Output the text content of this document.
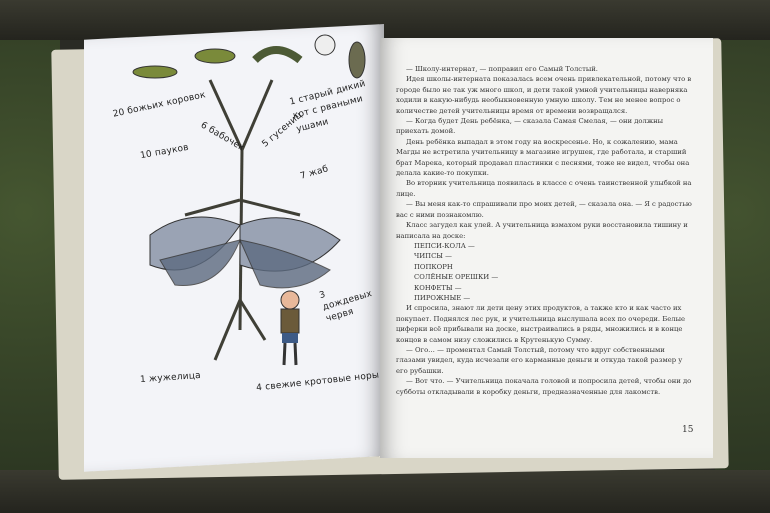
20 божьих коровок
10 пауков 6 бабочек 5 гусениц
1 старый дикий кот с рваными ушами
7 жаб
3 дождевых червя
1 жужелица	4 свежие кротовые норы

— Школу-интернат, — поправил его Самый Толстый.

Идея школы-интерната показалась всем очень привлекательной, потому что в городе было не так уж много школ, и дети такой умной учительницы наверняка ходили в какую-нибудь необыкновенную умную школу. Тем не менее вопрос о количестве детей учительницы время от времени возвращался.

— Когда будет День ребёнка, — сказала Самая Смелая, — они должны приехать домой.

День ребёнка выпадал в этом году на воскресенье. Но, к сожалению, мама Магды не встретила учительницу в магазине игрушек, где работала, и старший брат Марека, который продавал пластинки с песнями, тоже не видел, чтобы она делала какие-то покупки.

Во вторник учительница появилась в классе с очень таинственной улыбкой на лице.

— Вы меня как-то спрашивали про моих детей, — сказала она. — Я с радостью вас с ними познакомлю.

Класс загудел как улей. А учительница взмахом руки восстановила тишину и написала на доске:

ПЕПСИ-КОЛА —

ЧИПСЫ —

ПОПКОРН

СОЛЁНЫЕ ОРЕШКИ —

КОНФЕТЫ —

ПИРОЖНЫЕ —

И спросила, знают ли дети цену этих продуктов, а также кто и как часто их покупает. Поднялся лес рук, и учительница выслушала всех по очереди. Белые циферки всё прибывали на доске, выстраивались в ряды, множились и в конце концов в самом низу сложились в Крутенькую Сумму.

— Ого… — проментал Самый Толстый, потому что вдруг собственными глазами увидел, куда исчезали его карманные деньги и откуда такой размер у его рубашки.

— Вот что. — Учительница покачала головой и попросила детей, чтобы они до субботы откладывали в коробку деньги, предназначенные для лакомств.

15
